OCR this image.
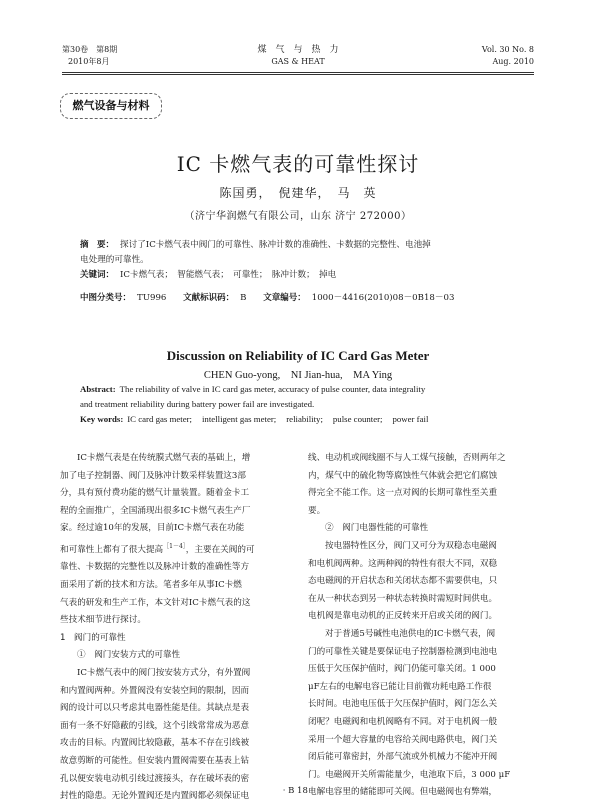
第30卷　第8期
2010年8月
煤　气　与　热　力
GAS & HEAT
Vol. 30 No. 8
Aug. 2010
燃气设备与材料
IC 卡燃气表的可靠性探讨
陈国勇，　倪建华，　马　英
（济宁华润燃气有限公司，山东 济宁 272000）
摘　要： 探讨了IC卡燃气表中阀门的可靠性、脉冲计数的准确性、卡数据的完整性、电池掉
电处理的可靠性。
关键词： IC卡燃气表；　智能燃气表；　可靠性；　脉冲计数；　掉电
中图分类号： TU996 文献标识码： B 文章编号： 1000－4416(2010)08－0B18－03
Discussion on Reliability of IC Card Gas Meter
CHEN Guo-yong,　NI Jian-hua,　MA Ying
Abstract: The reliability of valve in IC card gas meter, accuracy of pulse counter, data integrality
and treatment reliability during battery power fail are investigated.
Key words: IC card gas meter; intelligent gas meter; reliability; pulse counter; power fail
IC卡燃气表是在传统膜式燃气表的基础上，增
加了电子控制器、阀门及脉冲计数采样装置这3部
分，具有预付费功能的燃气计量装置。随着金卡工
程的全面推广，全国涌现出很多IC卡燃气表生产厂
家。经过逾10年的发展，目前IC卡燃气表在功能
和可靠性上都有了很大提高$^{[1-4]}$，主要在关阀的可
靠性、卡数据的完整性以及脉冲计数的准确性等方
面采用了新的技术和方法。笔者多年从事IC卡燃
气表的研发和生产工作，本文针对IC卡燃气表的这
些技术细节进行探讨。
1　阀门的可靠性
①　阀门安装方式的可靠性
IC卡燃气表中的阀门按安装方式分，有外置阀
和内置阀两种。外置阀没有安装空间的限制，因而
阀的设计可以只考虑其电器性能是佳。其缺点是表
面有一条不好隐蔽的引线，这个引线常常成为恶意
攻击的目标。内置阀比较隐蔽，基本不存在引线被
故意剪断的可能性。但安装内置阀需要在基表上钻
孔以便安装电动机引线过渡接头，存在破坏表的密
封性的隐患。无论外置阀还是内置阀都必须保证电
线、电动机或阀线圈不与人工煤气接触，否则两年之
内，煤气中的硫化物等腐蚀性气体就会把它们腐蚀
得完全不能工作。这一点对阀的长期可靠性至关重
要。
②　阀门电器性能的可靠性
按电器特性区分，阀门又可分为双稳态电磁阀
和电机阀两种。这两种阀的特性有很大不同，双稳
态电磁阀的开启状态和关闭状态都不需要供电，只
在从一种状态到另一种状态转换时需短时间供电。
电机阀是靠电动机的正反转来开启或关闭的阀门。
对于普通5号碱性电池供电的IC卡燃气表，阀
门的可靠性关键是要保证电子控制器检测到电池电
压低于欠压保护值时，阀门仍能可靠关闭。1 000
μF左右的电解电容已能让目前微功耗电路工作很
长时间。电池电压低于欠压保护值时，阀门怎么关
闭呢？电磁阀和电机阀略有不同。对于电机阀一般
采用一个超大容量的电容给关阀电路供电，阀门关
闭后能可靠密封，外部气流或外机械力不能冲开阀
门。电磁阀开关所需能量少，电池取下后，3 000 μF
电解电容里的储能即可关阀。但电磁阀也有弊端，
· B 18 ·
